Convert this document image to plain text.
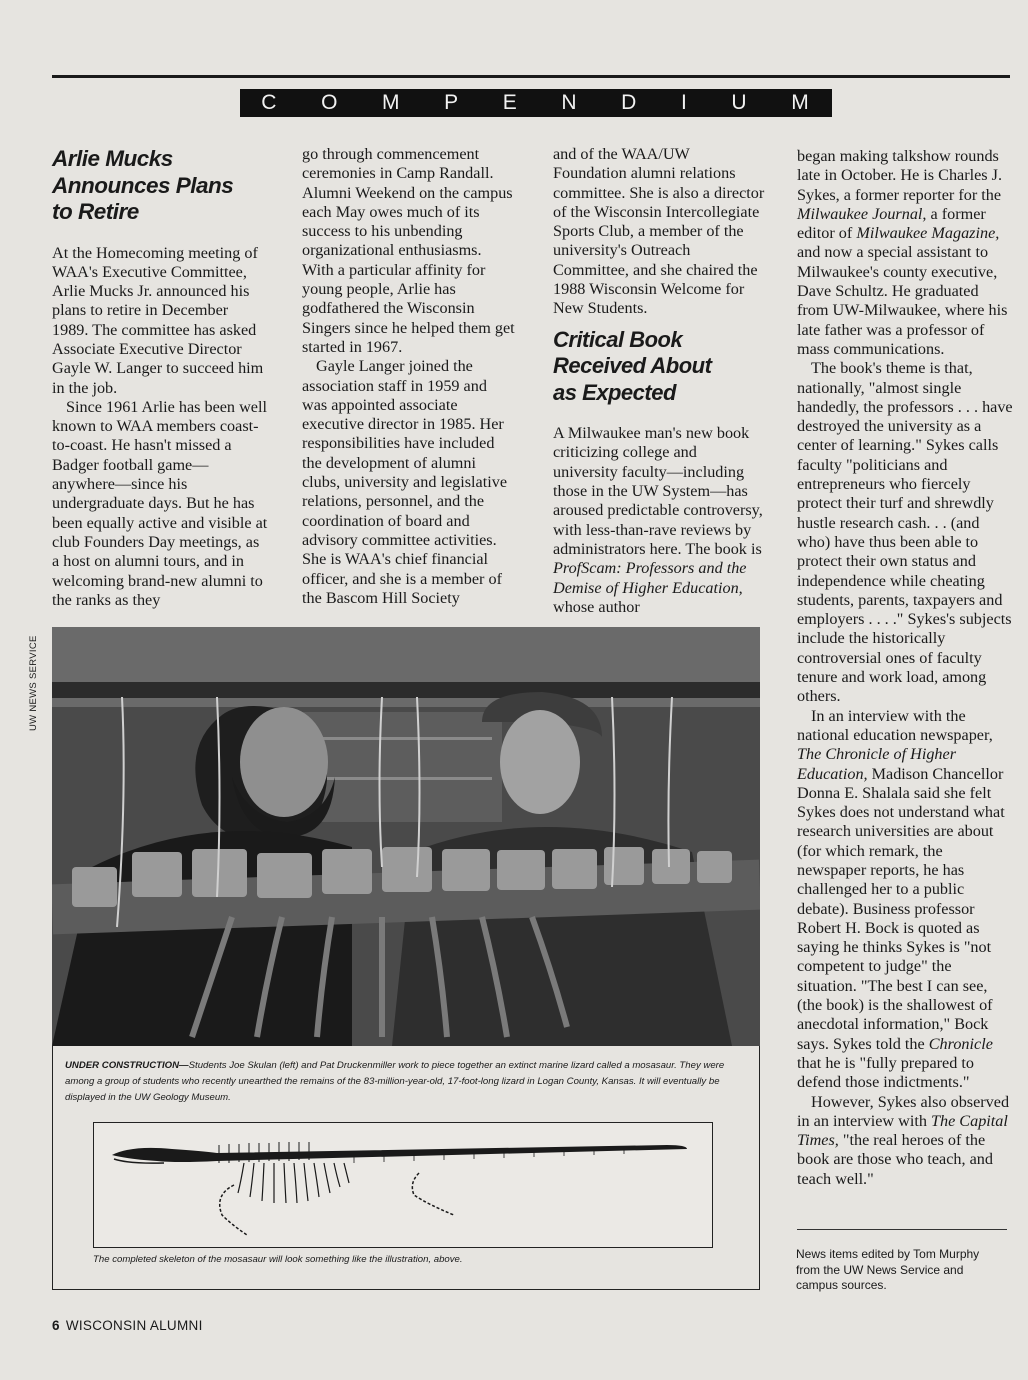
C O M P E N D I U M
Arlie Mucks
Announces Plans
to Retire

At the Homecoming meeting of WAA's Executive Committee, Arlie Mucks Jr. announced his plans to retire in December 1989. The committee has asked Associate Executive Director Gayle W. Langer to succeed him in the job.

Since 1961 Arlie has been well known to WAA members coast-to-coast. He hasn't missed a Badger football game—anywhere—since his undergraduate days. But he has been equally active and visible at club Founders Day meetings, as a host on alumni tours, and in welcoming brand-new alumni to the ranks as they

go through commencement ceremonies in Camp Randall. Alumni Weekend on the campus each May owes much of its success to his unbending organizational enthusiasms. With a particular affinity for young people, Arlie has godfathered the Wisconsin Singers since he helped them get started in 1967.

Gayle Langer joined the association staff in 1959 and was appointed associate executive director in 1985. Her responsibilities have included the development of alumni clubs, university and legislative relations, personnel, and the coordination of board and advisory committee activities. She is WAA's chief financial officer, and she is a member of the Bascom Hill Society

and of the WAA/UW Foundation alumni relations committee. She is also a director of the Wisconsin Intercollegiate Sports Club, a member of the university's Outreach Committee, and she chaired the 1988 Wisconsin Welcome for New Students.

Critical Book
Received About
as Expected

A Milwaukee man's new book criticizing college and university faculty—including those in the UW System—has aroused predictable controversy, with less-than-rave reviews by administrators here. The book is ProfScam: Professors and the Demise of Higher Education, whose author

began making talkshow rounds late in October. He is Charles J. Sykes, a former reporter for the Milwaukee Journal, a former editor of Milwaukee Magazine, and now a special assistant to Milwaukee's county executive, Dave Schultz. He graduated from UW-Milwaukee, where his late father was a professor of mass communications.

The book's theme is that, nationally, "almost single handedly, the professors . . . have destroyed the university as a center of learning." Sykes calls faculty "politicians and entrepreneurs who fiercely protect their turf and shrewdly hustle research cash. . . (and who) have thus been able to protect their own status and independence while cheating students, parents, taxpayers and employers . . . ." Sykes's subjects include the historically controversial ones of faculty tenure and work load, among others.

In an interview with the national education newspaper, The Chronicle of Higher Education, Madison Chancellor Donna E. Shalala said she felt Sykes does not understand what research universities are about (for which remark, the newspaper reports, he has challenged her to a public debate). Business professor Robert H. Bock is quoted as saying he thinks Sykes is "not competent to judge" the situation. "The best I can see, (the book) is the shallowest of anecdotal information," Bock says. Sykes told the Chronicle that he is "fully prepared to defend those indictments."

However, Sykes also observed in an interview with The Capital Times, "the real heroes of the book are those who teach, and teach well."

UW NEWS SERVICE
UNDER CONSTRUCTION—Students Joe Skulan (left) and Pat Druckenmiller work to piece together an extinct marine lizard called a mosasaur. They were among a group of students who recently unearthed the remains of the 83-million-year-old, 17-foot-long lizard in Logan County, Kansas. It will eventually be displayed in the UW Geology Museum.
The completed skeleton of the mosasaur will look something like the illustration, above.	News items edited by Tom Murphy from the UW News Service and campus sources.
6 WISCONSIN ALUMNI
